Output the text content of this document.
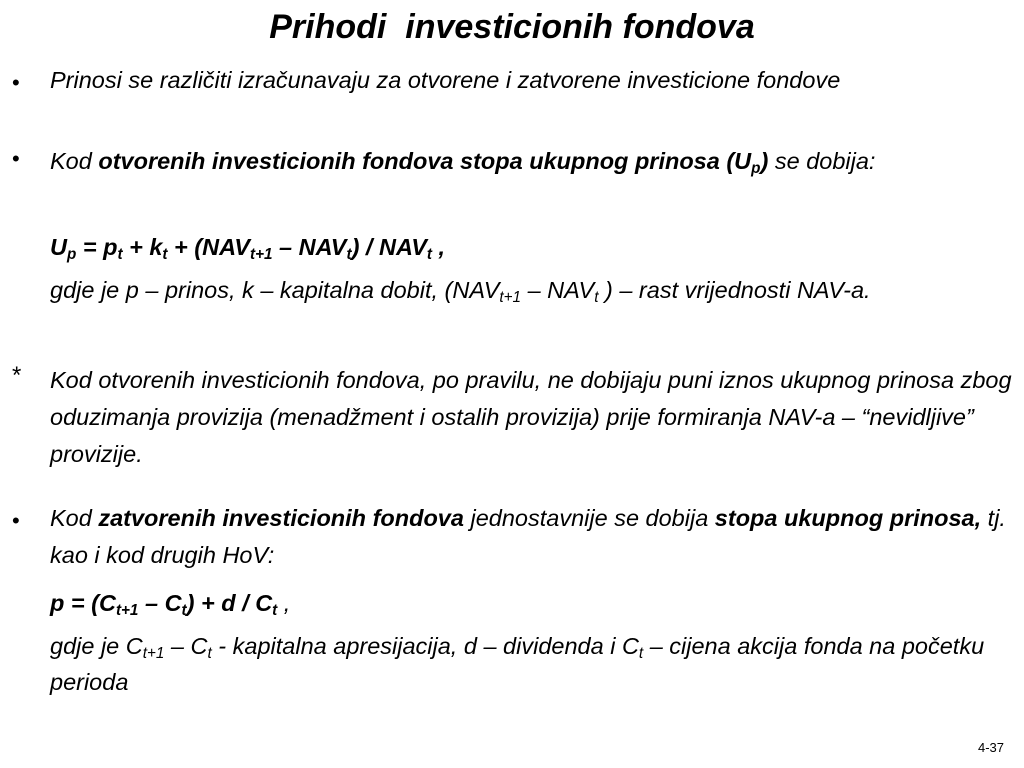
Prihodi  investicionih fondova
• Prinosi se različiti izračunavaju za otvorene i zatvorene investicione fondove
• Kod otvorenih investicionih fondova stopa ukupnog prinosa $(U_p)$ se dobija:
$U_p = p_t + k_t + (NAV_{t+1} - NAV_t) / NAV_t$ ,
gdje je p – prinos, k – kapitalna dobit, ($NAV_{t+1} - NAV_t$ ) – rast vrijednosti NAV-a.
* Kod otvorenih investicionih fondova, po pravilu, ne dobijaju puni iznos ukupnog prinosa zbog oduzimanja provizija (menadžment i ostalih provizija) prije formiranja NAV-a – “nevidljive” provizije.
• Kod zatvorenih investicionih fondova jednostavnije se dobija stopa ukupnog prinosa, tj. kao i kod drugih HoV:
$p = (C_{t+1} - C_t) + d / C_t$ ,
gdje je $C_{t+1} - C_t$ - kapitalna apresijacija, d – dividenda i $C_t$ – cijena akcija fonda na početku perioda
4-37
